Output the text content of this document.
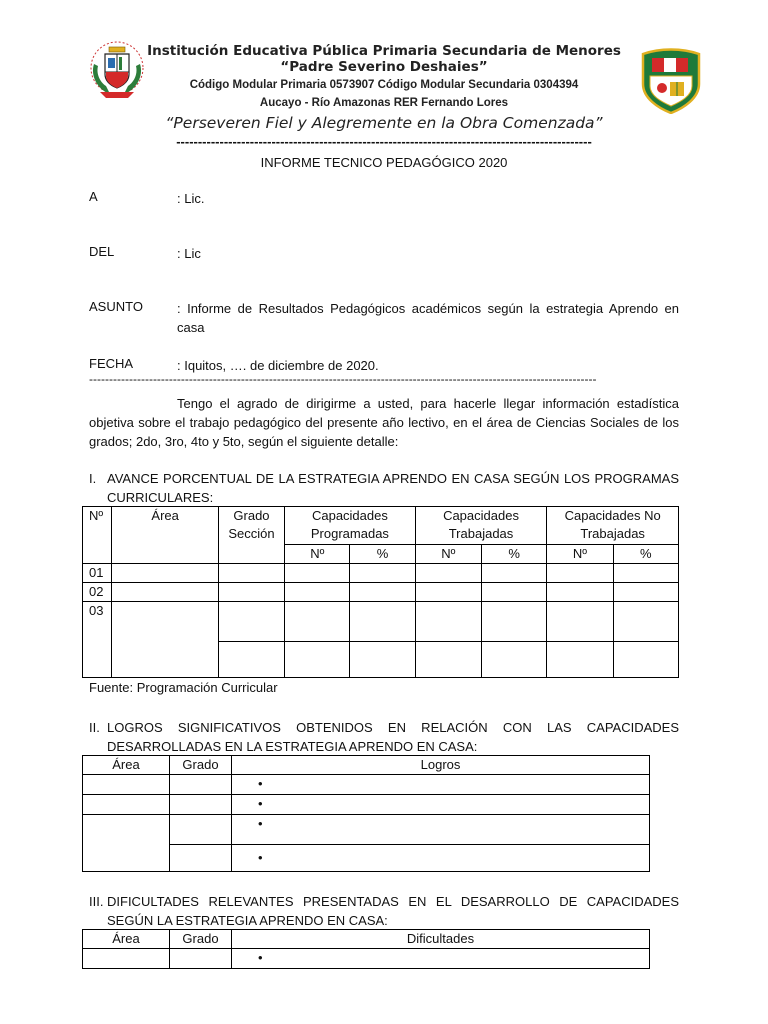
Institución Educativa Pública Primaria Secundaria de Menores
“Padre Severino Deshaies”
Código Modular Primaria 0573907 Código Modular Secundaria 0304394
Aucayo - Río Amazonas RER Fernando Lores
“Perseveren Fiel y Alegremente en la Obra Comenzada”
------------------------------------------------------------------------------------------------
INFORME TECNICO PEDAGÓGICO 2020
A	: Lic.
DEL	: Lic
ASUNTO	: Informe de Resultados Pedagógicos académicos según la estrategia Aprendo en casa
FECHA	: Iquitos, …. de diciembre de 2020.
-------------------------------------------------------------------------------------------------------------------------------
Tengo el agrado de dirigirme a usted, para hacerle llegar información estadística objetiva sobre el trabajo pedagógico del presente año lectivo, en el área de Ciencias Sociales de los grados; 2do, 3ro, 4to y 5to, según el siguiente detalle:
I. AVANCE PORCENTUAL DE LA ESTRATEGIA APRENDO EN CASA SEGÚN LOS PROGRAMAS CURRICULARES:
Nº	Área	Grado Sección	Capacidades Programadas		Capacidades Trabajadas		Capacidades No Trabajadas	
			Nº	%	Nº	%	Nº	%
01								
02								
03								

Fuente: Programación Curricular
II. LOGROS SIGNIFICATIVOS OBTENIDOS EN RELACIÓN CON LAS CAPACIDADES DESARROLLADAS EN LA ESTRATEGIA APRENDO EN CASA:
Área	Grado	Logros
		•
		•
		•
		•
III. DIFICULTADES RELEVANTES PRESENTADAS EN EL DESARROLLO DE CAPACIDADES SEGÚN LA ESTRATEGIA APRENDO EN CASA:
Área	Grado	Dificultades
		•
